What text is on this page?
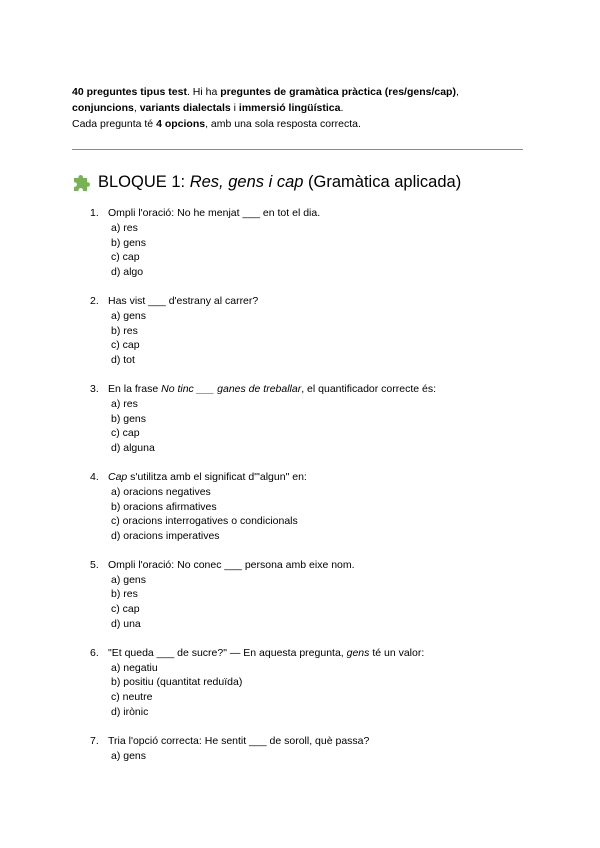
40 preguntes tipus test. Hi ha preguntes de gramàtica pràctica (res/gens/cap),

conjuncions, variants dialectals i immersió lingüística.

Cada pregunta té 4 opcions, amb una sola resposta correcta.

BLOQUE 1:
Res, gens i cap
(Gramàtica aplicada)
1. Ompli l'oració: No he menjat ___ en tot el dia.
a) res
b) gens
c) cap
d) algo
2. Has vist ___ d'estrany al carrer?
a) gens
b) res
c) cap
d) tot
3. En la frase No tinc ___ ganes de treballar, el quantificador correcte és:
a) res
b) gens
c) cap
d) alguna
4. Cap s'utilitza amb el significat d'"algun" en:
a) oracions negatives
b) oracions afirmatives
c) oracions interrogatives o condicionals
d) oracions imperatives
5. Ompli l'oració: No conec ___ persona amb eixe nom.
a) gens
b) res
c) cap
d) una
6. "Et queda ___ de sucre?" — En aquesta pregunta, gens té un valor:
a) negatiu
b) positiu (quantitat reduïda)
c) neutre
d) irònic
7. Tria l'opció correcta: He sentit ___ de soroll, què passa?
a) gens
